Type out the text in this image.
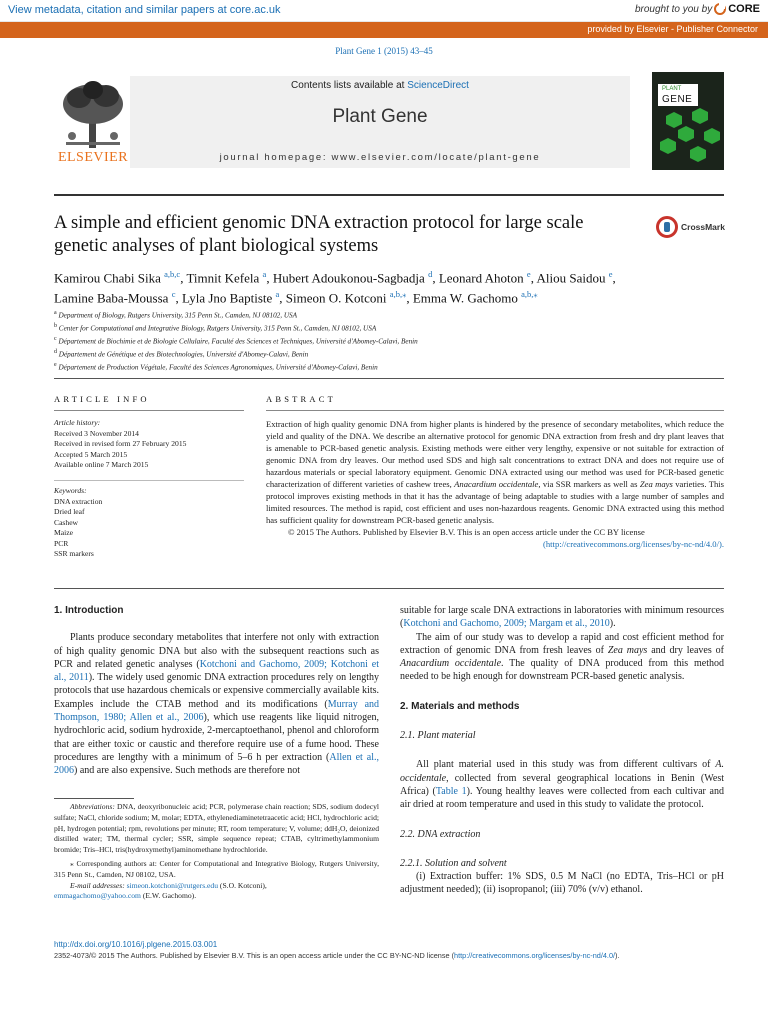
View metadata, citation and similar papers at core.ac.uk	brought to you by CORE
provided by Elsevier - Publisher Connector
Plant Gene 1 (2015) 43–45
ELSEVIER
Contents lists available at ScienceDirect
Plant Gene
journal homepage: www.elsevier.com/locate/plant-gene
PLANT
GENE
A simple and efficient genomic DNA extraction protocol for large scale genetic analyses of plant biological systems
CrossMark
Kamirou Chabi Sika $^{a,b,c}$, Timnit Kefela $^a$, Hubert Adoukonou-Sagbadja $^d$, Leonard Ahoton $^e$, Aliou Saidou $^e$,
Lamine Baba-Moussa $^c$, Lyla Jno Baptiste $^a$, Simeon O. Kotconi $^{a,b,⁎}$, Emma W. Gachomo $^{a,b,⁎}$
$^a$ Department of Biology, Rutgers University, 315 Penn St., Camden, NJ 08102, USA
$^b$ Center for Computational and Integrative Biology, Rutgers University, 315 Penn St., Camden, NJ 08102, USA
$^c$ Département de Biochimie et de Biologie Cellulaire, Faculté des Sciences et Techniques, Université d'Abomey-Calavi, Benin
$^d$ Département de Génétique et des Biotechnologies, Université d'Abomey-Calavi, Benin
$^e$ Département de Production Végétale, Faculté des Sciences Agronomiques, Université d'Abomey-Calavi, Benin
ARTICLE INFO	ABSTRACT
Article history:
Received 3 November 2014
Received in revised form 27 February 2015
Accepted 5 March 2015
Available online 7 March 2015
Keywords:
DNA extraction
Dried leaf
Cashew
Maize
PCR
SSR markers
Extraction of high quality genomic DNA from higher plants is hindered by the presence of secondary metabolites, which reduce the yield and quality of the DNA. We describe an alternative protocol for genomic DNA extraction from fresh and dry plant leaves that is amenable to PCR-based genetic analysis. Existing methods were either very lengthy, expensive or not suitable for extraction of genomic DNA from dry leaves. Our method used SDS and high salt concentrations to extract DNA and does not require use of hazardous materials or special laboratory equipment. Genomic DNA extracted using our method was used for PCR-based genetic characterization of different varieties of cashew trees, Anacardium occidentale, via SSR markers as well as Zea mays varieties. This protocol improves existing methods in that it has the advantage of being adaptable to studies with a large number of samples and limited resources. The method is rapid, cost efficient and uses non-hazardous reagents. Genomic DNA extracted using this method has sufficient quality for downstream PCR-based genetic analysis.
© 2015 The Authors. Published by Elsevier B.V. This is an open access article under the CC BY license
(http://creativecommons.org/licenses/by-nc-nd/4.0/).
1. Introduction
Plants produce secondary metabolites that interfere not only with extraction of high quality genomic DNA but also with the subsequent reactions such as PCR and related genetic analyses (Kotchoni and Gachomo, 2009; Kotchoni et al., 2011). The widely used genomic DNA extraction procedures rely on lengthy protocols that use hazardous chemicals or expensive commercially available kits. Examples include the CTAB method and its modifications (Murray and Thompson, 1980; Allen et al., 2006), which use reagents like liquid nitrogen, hydrochloric acid, sodium hydroxide, 2-mercaptoethanol, phenol and chloroform that are either toxic or caustic and therefore require use of a fume hood. These procedures are lengthy with a minimum of 5–6 h per extraction (Allen et al., 2006) and are also expensive. Such methods are therefore not
Abbreviations: DNA, deoxyribonucleic acid; PCR, polymerase chain reaction; SDS, sodium dodecyl sulfate; NaCl, chloride sodium; M, molar; EDTA, ethylenediaminetetraacetic acid; HCl, hydrochloric acid; pH, hydrogen potential; rpm, revolutions per minute; RT, room temperature; V, volume; ddH₂O, deionized distilled water; TM, thermal cycler; SSR, simple sequence repeat; CTAB, cyltrimethylammonium bromide; Tris–HCl, tris(hydroxymethyl)aminomethane hydrochloride.
⁎ Corresponding authors at: Center for Computational and Integrative Biology, Rutgers University, 315 Penn St., Camden, NJ 08102, USA.
E-mail addresses: simeon.kotchoni@rutgers.edu (S.O. Kotconi),
emmagachomo@yahoo.com (E.W. Gachomo).
suitable for large scale DNA extractions in laboratories with minimum resources (Kotchoni and Gachomo, 2009; Margam et al., 2010).
The aim of our study was to develop a rapid and cost efficient method for extraction of genomic DNA from fresh leaves of Zea mays and dry leaves of Anacardium occidentale. The quality of DNA produced from this method needed to be high enough for downstream PCR-based genetic analysis.
2. Materials and methods
2.1. Plant material
All plant material used in this study was from different cultivars of A. occidentale, collected from several geographical locations in Benin (West Africa) (Table 1). Young healthy leaves were collected from each cultivar and air dried at room temperature and used in this study to validate the protocol.
2.2. DNA extraction
2.2.1. Solution and solvent
(i) Extraction buffer: 1% SDS, 0.5 M NaCl (no EDTA, Tris–HCl or pH adjustment needed); (ii) isopropanol; (iii) 70% (v/v) ethanol.
http://dx.doi.org/10.1016/j.plgene.2015.03.001
2352-4073/© 2015 The Authors. Published by Elsevier B.V. This is an open access article under the CC BY-NC-ND license (http://creativecommons.org/licenses/by-nc-nd/4.0/).
